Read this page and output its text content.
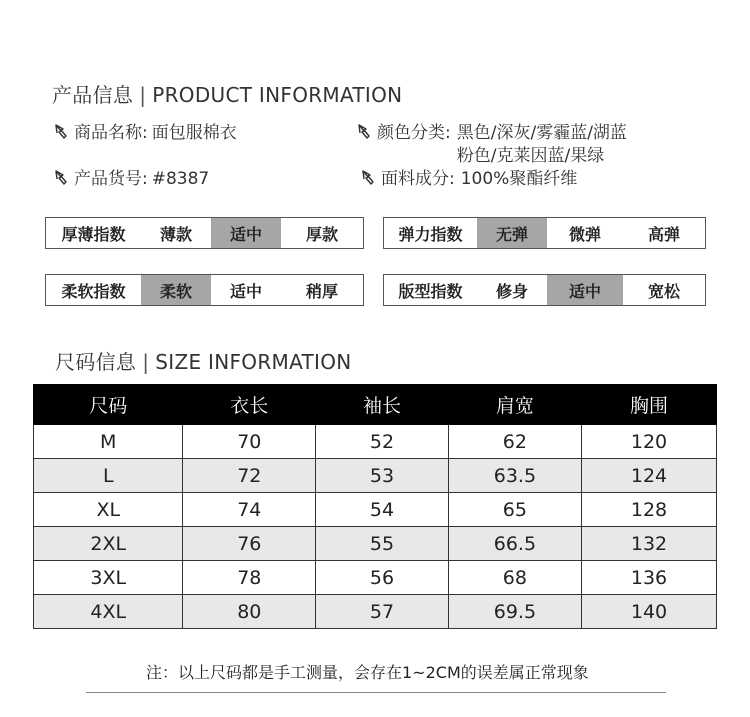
产品信息 | PRODUCT INFORMATION
商品名称: 面包服棉衣	颜色分类: 黑色/深灰/雾霾蓝/湖蓝
粉色/克莱因蓝/果绿
产品货号: #8387	面料成分: 100%聚酯纤维
厚薄指数	薄款	适中	厚款	弹力指数	无弹	微弹	高弹
柔软指数	柔软	适中	稍厚	版型指数	修身	适中	宽松
尺码信息 | SIZE INFORMATION
尺码	衣长	袖长	肩宽	胸围
M	70	52	62	120
L	72	53	63.5	124
XL	74	54	65	128
2XL	76	55	66.5	132
3XL	78	56	68	136
4XL	80	57	69.5	140
注：以上尺码都是手工测量，会存在1~2CM的误差属正常现象
